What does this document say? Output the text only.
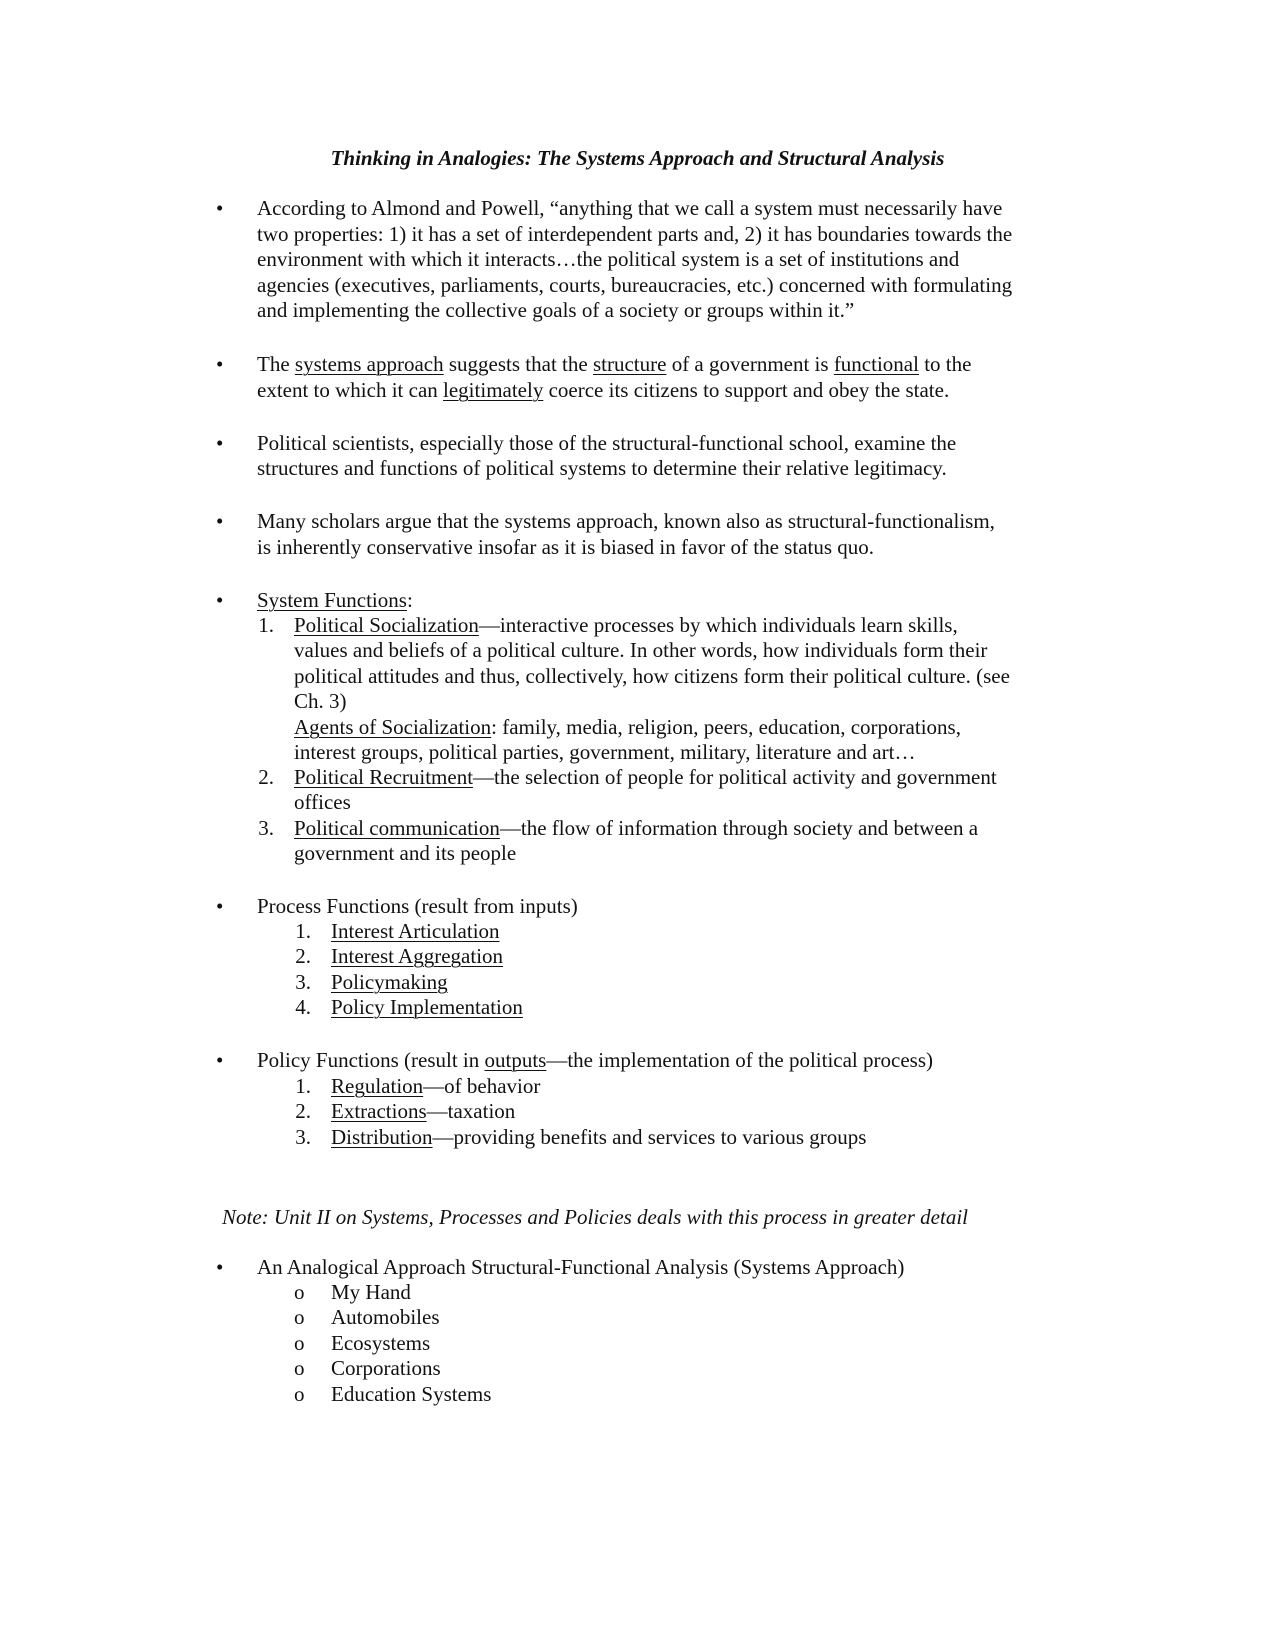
Thinking in Analogies: The Systems Approach and Structural Analysis
• According to Almond and Powell, “anything that we call a system must necessarily have
two properties: 1) it has a set of interdependent parts and, 2) it has boundaries towards the
environment with which it interacts…the political system is a set of institutions and
agencies (executives, parliaments, courts, bureaucracies, etc.) concerned with formulating
and implementing the collective goals of a society or groups within it.”
• The systems approach suggests that the structure of a government is functional to the
extent to which it can legitimately coerce its citizens to support and obey the state.
• Political scientists, especially those of the structural-functional school, examine the
structures and functions of political systems to determine their relative legitimacy.
• Many scholars argue that the systems approach, known also as structural-functionalism,
is inherently conservative insofar as it is biased in favor of the status quo.
• System Functions:
1. Political Socialization—interactive processes by which individuals learn skills,
values and beliefs of a political culture. In other words, how individuals form their
political attitudes and thus, collectively, how citizens form their political culture. (see
Ch. 3)
Agents of Socialization: family, media, religion, peers, education, corporations,
interest groups, political parties, government, military, literature and art…
2. Political Recruitment—the selection of people for political activity and government
offices
3. Political communication—the flow of information through society and between a
government and its people
• Process Functions (result from inputs)
1. Interest Articulation
2. Interest Aggregation
3. Policymaking
4. Policy Implementation
• Policy Functions (result in outputs—the implementation of the political process)
1. Regulation—of behavior
2. Extractions—taxation
3. Distribution—providing benefits and services to various groups
Note: Unit II on Systems, Processes and Policies deals with this process in greater detail
• An Analogical Approach Structural-Functional Analysis (Systems Approach)
o My Hand
o Automobiles
o Ecosystems
o Corporations
o Education Systems
